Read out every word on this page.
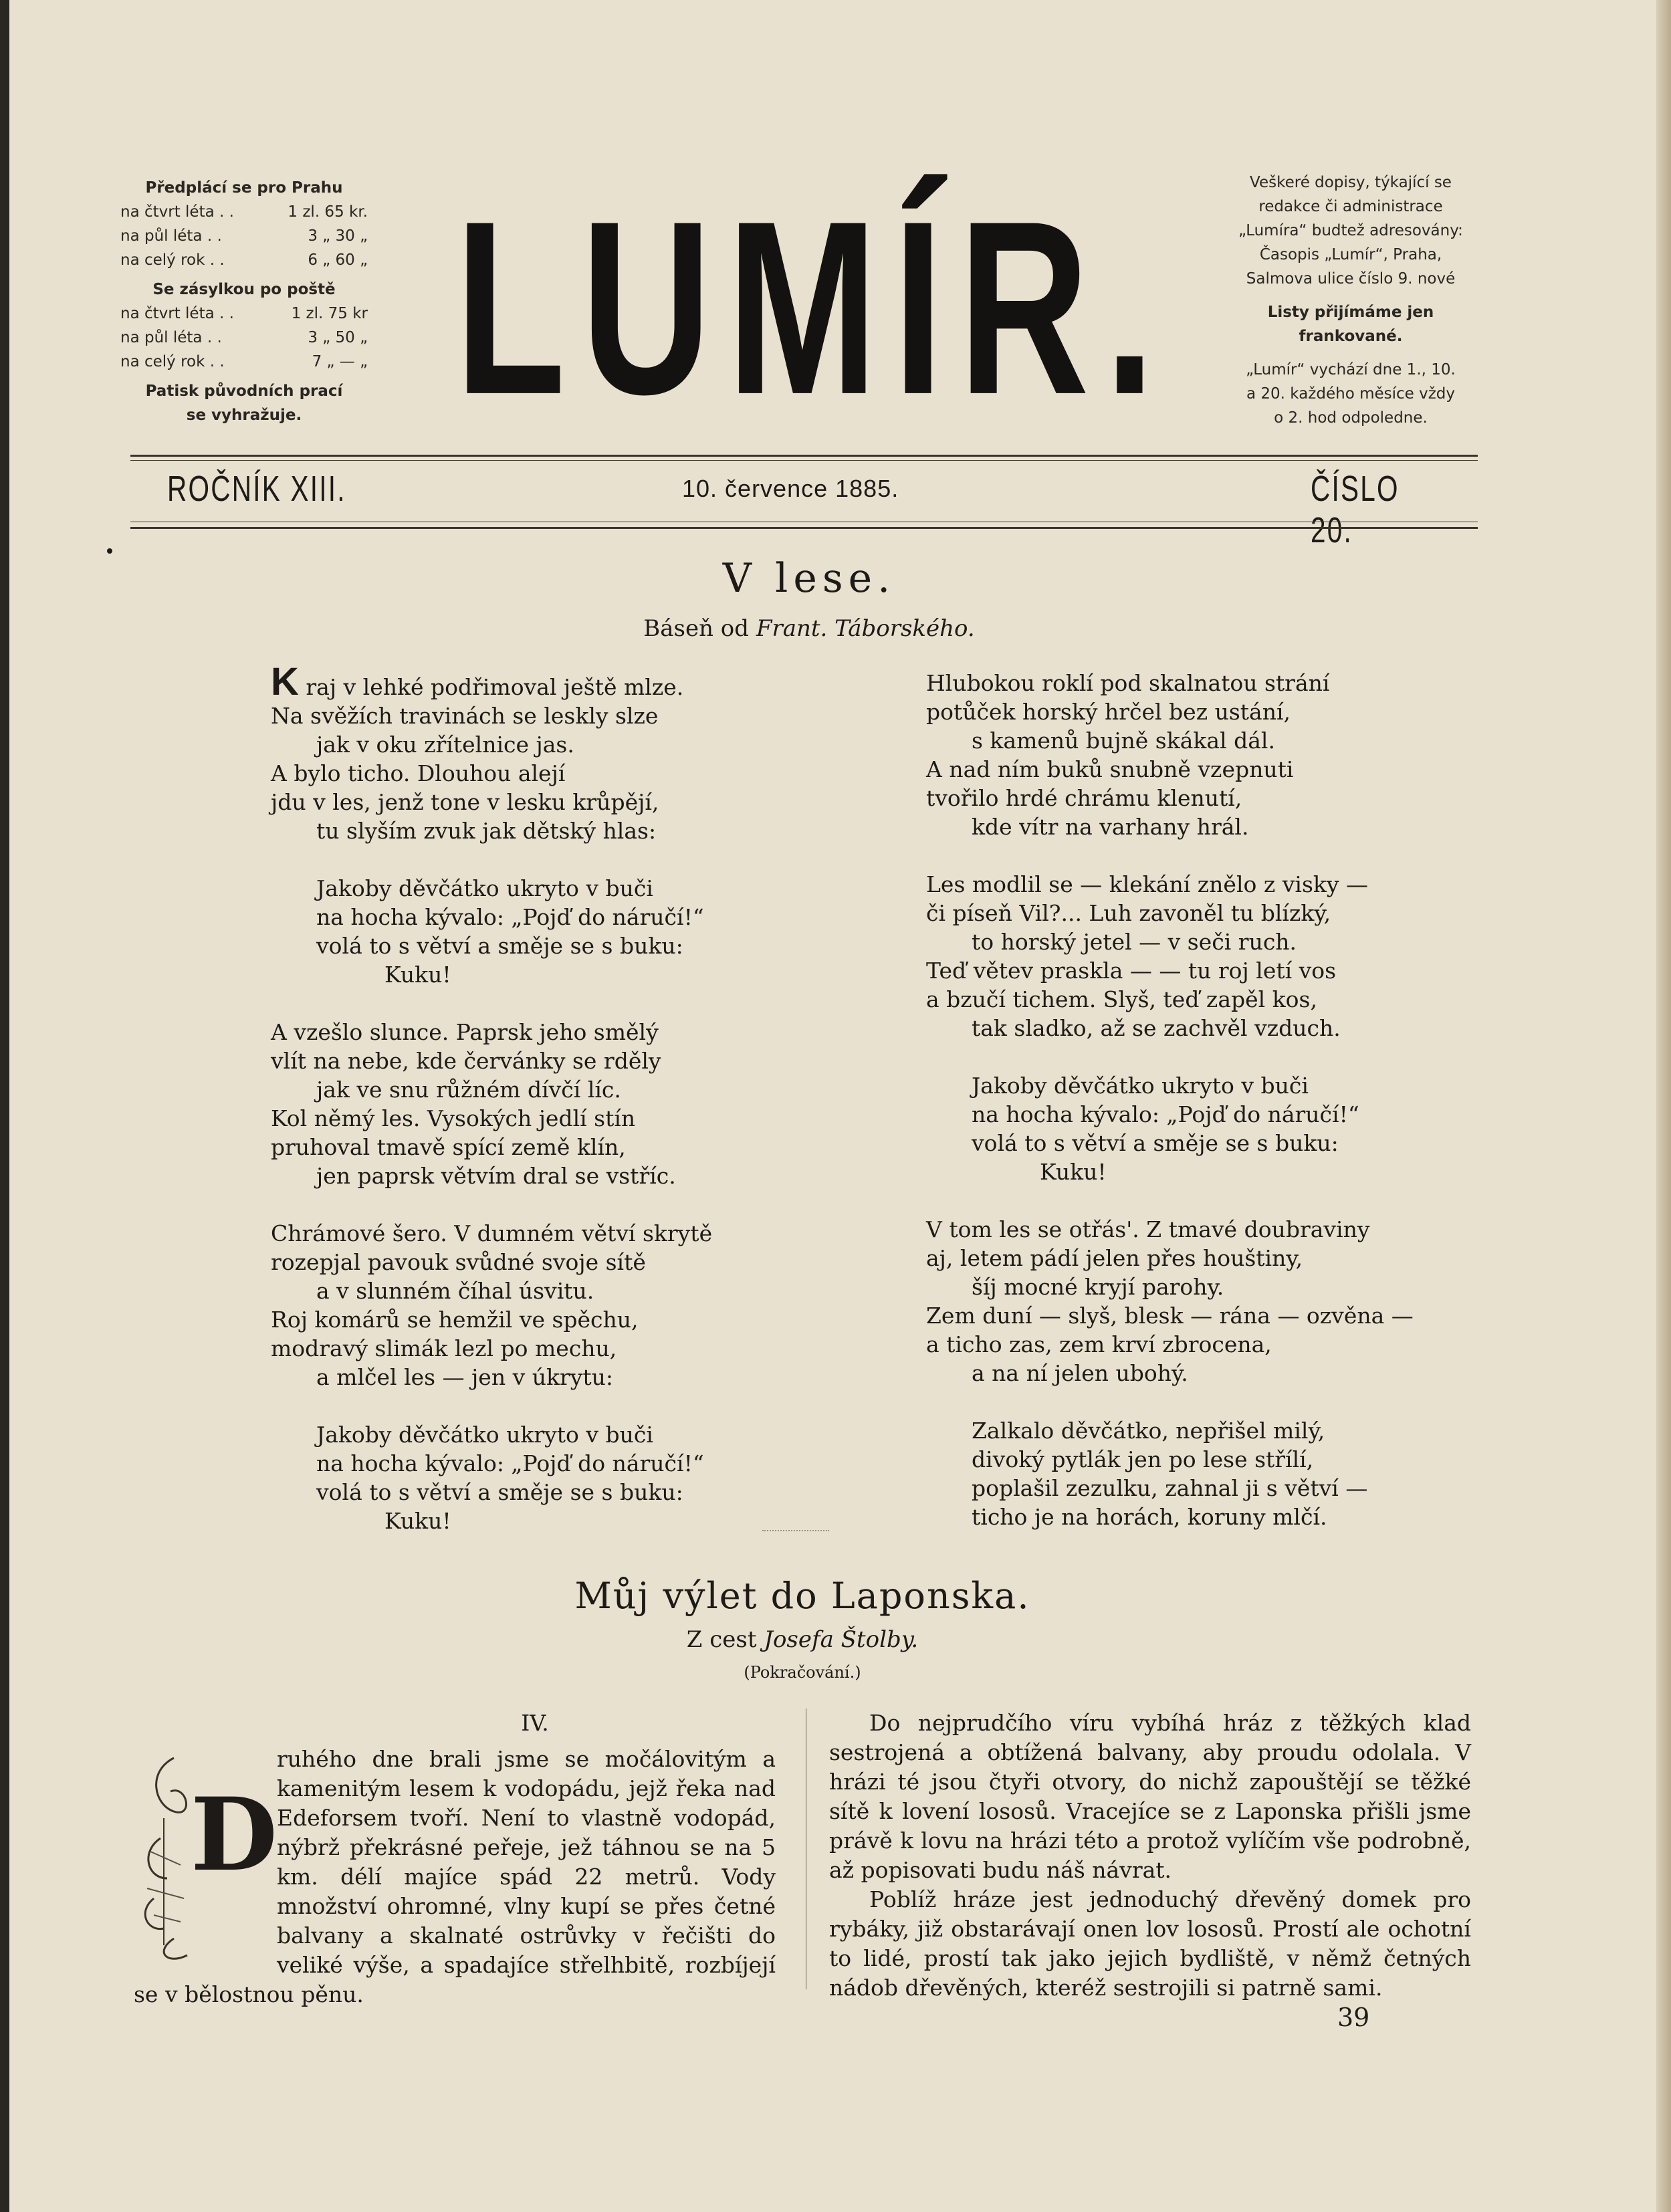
Předplácí se pro Prahu
na čtvrt léta . .	1 zl. 65 kr.
na půl léta . .	3 „ 30 „
na celý rok . .	6 „ 60 „
Se zásylkou po poště
na čtvrt léta . .	1 zl. 75 kr
na půl léta . .	3 „ 50 „
na celý rok . .	7 „ — „
Patisk původních prací
se vyhražuje. LUMÍR.	Veškeré dopisy, týkající se
redakce či administrace
„Lumíra“ budtež adresovány:
Časopis „Lumír“, Praha,
Salmova ulice číslo 9. nové
Listy přijímáme jen
frankované.
„Lumír“ vychází dne 1., 10.
a 20. každého měsíce vždy
o 2. hod odpoledne.
ROČNÍK XIII.	10. července 1885.	ČÍSLO 20.
V lese.
Báseň od Frant. Táborského.
K raj v lehké podřimoval ještě mlze.
Na svěžích travinách se leskly slze
jak v oku zřítelnice jas.
A bylo ticho. Dlouhou alejí
jdu v les, jenž tone v lesku krůpějí,
tu slyším zvuk jak dětský hlas:
Jakoby děvčátko ukryto v buči
na hocha kývalo: „Pojď do náručí!“
volá to s větví a směje se s buku:
Kuku!
A vzešlo slunce. Paprsk jeho smělý
vlít na nebe, kde červánky se rděly
jak ve snu růžném dívčí líc.
Kol němý les. Vysokých jedlí stín
pruhoval tmavě spící země klín,
jen paprsk větvím dral se vstříc.
Chrámové šero. V dumném větví skrytě
rozepjal pavouk svůdné svoje sítě
a v slunném číhal úsvitu.
Roj komárů se hemžil ve spěchu,
modravý slimák lezl po mechu,
a mlčel les — jen v úkrytu:
Jakoby děvčátko ukryto v buči
na hocha kývalo: „Pojď do náručí!“
volá to s větví a směje se s buku:
Kuku!
Hlubokou roklí pod skalnatou strání
potůček horský hrčel bez ustání,
s kamenů bujně skákal dál.
A nad ním buků snubně vzepnuti
tvořilo hrdé chrámu klenutí,
kde vítr na varhany hrál.
Les modlil se — klekání znělo z visky —
či píseň Vil?... Luh zavoněl tu blízký,
to horský jetel — v seči ruch.
Teď větev praskla — — tu roj letí vos
a bzučí tichem. Slyš, teď zapěl kos,
tak sladko, až se zachvěl vzduch.
Jakoby děvčátko ukryto v buči
na hocha kývalo: „Pojď do náručí!“
volá to s větví a směje se s buku:
Kuku!
V tom les se otřás'. Z tmavé doubraviny
aj, letem pádí jelen přes houštiny,
šíj mocné kryjí parohy.
Zem duní — slyš, blesk — rána — ozvěna —
a ticho zas, zem krví zbrocena,
a na ní jelen ubohý.
Zalkalo děvčátko, nepřišel milý,
divoký pytlák jen po lese střílí,
poplašil zezulku, zahnal ji s větví —
ticho je na horách, koruny mlčí.
Můj výlet do Laponska.
Z cest Josefa Štolby.
(Pokračování.)
IV.
D
ruhého dne brali jsme se močálovitým a kamenitým lesem k vodopádu, jejž řeka nad Edeforsem tvoří. Není to vlastně vodopád, nýbrž překrásné peřeje, jež táhnou se na 5 km. délí majíce spád 22 metrů. Vody množství ohromné, vlny kupí se přes četné balvany a skalnaté ostrůvky v řečišti do veliké výše, a spadajíce střelhbitě, rozbíjejí se v bělostnou pěnu.

Do nejprudčího víru vybíhá hráz z těžkých klad sestrojená a obtížená balvany, aby proudu odolala. V hrázi té jsou čtyři otvory, do nichž zapouštějí se těžké sítě k lovení lososů. Vracejíce se z Laponska přišli jsme právě k lovu na hrázi této a protož vylíčím vše podrobně, až popisovati budu náš návrat.

Poblíž hráze jest jednoduchý dřevěný domek pro rybáky, již obstarávají onen lov lososů. Prostí ale ochotní to lidé, prostí tak jako jejich bydliště, v němž četných nádob dřevěných, kteréž sestrojili si patrně sami.

39
